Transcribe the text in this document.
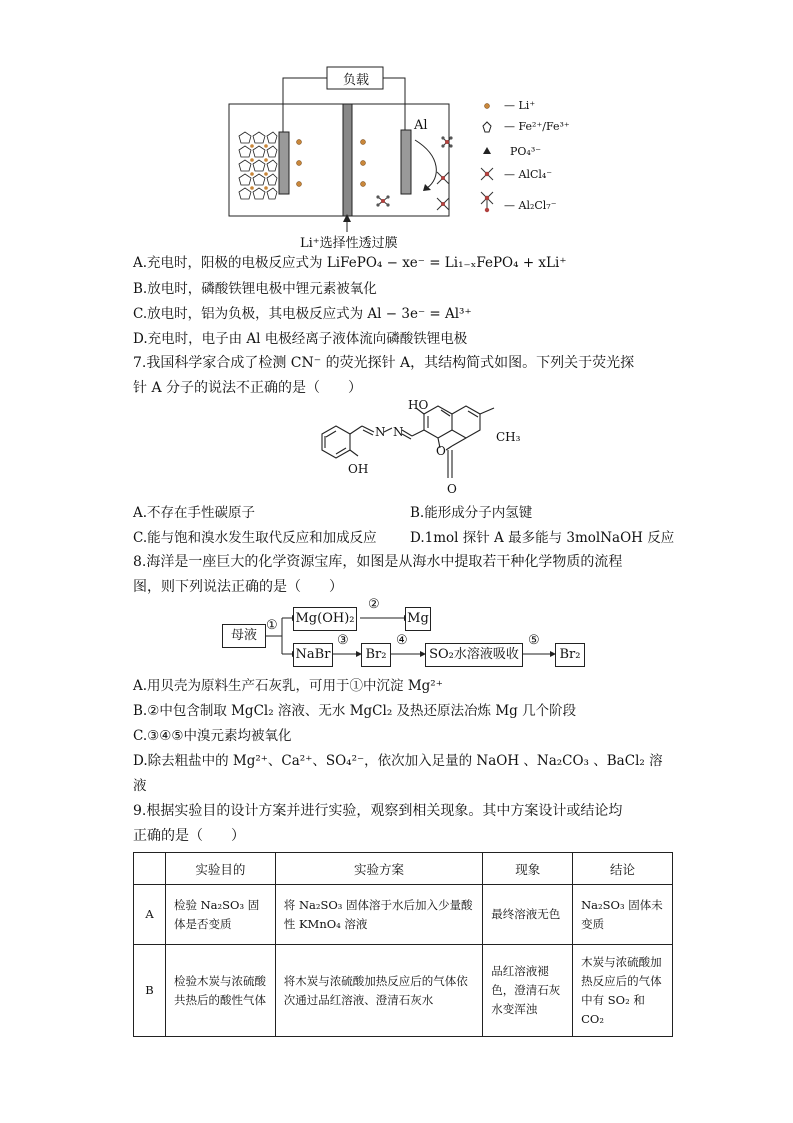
负载
Al
Li⁺选择性透过膜
— Li⁺
— Fe²⁺/Fe³⁺
PO₄³⁻
— AlCl₄⁻
— Al₂Cl₇⁻
A.充电时，阳极的电极反应式为 LiFePO₄ − xe⁻ = Li₁₋ₓFePO₄ + xLi⁺
B.放电时，磷酸铁锂电极中锂元素被氧化
C.放电时，铝为负极，其电极反应式为 Al − 3e⁻ = Al³⁺
D.充电时，电子由 Al 电极经离子液体流向磷酸铁锂电极
7.我国科学家合成了检测 CN⁻ 的荧光探针 A，其结构简式如图。下列关于荧光探
针 A 分子的说法不正确的是（　　）
HO
CH₃
N N
OH
O
O
A.不存在手性碳原子	B.能形成分子内氢键
C.能与饱和溴水发生取代反应和加成反应 D.1mol 探针 A 最多能与 3molNaOH 反应
8.海洋是一座巨大的化学资源宝库，如图是从海水中提取若干种化学物质的流程
图，则下列说法正确的是（　　）
母液
Mg(OH)₂	Mg
NaBr	Br₂	SO₂水溶液吸收	Br₂
①
②
③	④	⑤
A.用贝壳为原料生产石灰乳，可用于①中沉淀 Mg²⁺
B.②中包含制取 MgCl₂ 溶液、无水 MgCl₂ 及热还原法冶炼 Mg 几个阶段
C.③④⑤中溴元素均被氧化
D.除去粗盐中的 Mg²⁺、Ca²⁺、SO₄²⁻，依次加入足量的 NaOH 、Na₂CO₃ 、BaCl₂ 溶
液
9.根据实验目的设计方案并进行实验，观察到相关现象。其中方案设计或结论均
正确的是（　　）
	实验目的	实验方案	现象	结论
A	检验 Na₂SO₃ 固体是否变质	将 Na₂SO₃ 固体溶于水后加入少量酸性 KMnO₄ 溶液	最终溶液无色	Na₂SO₃ 固体未变质
B	检验木炭与浓硫酸共热后的酸性气体	将木炭与浓硫酸加热反应后的气体依次通过品红溶液、澄清石灰水	品红溶液褪色，澄清石灰水变浑浊	木炭与浓硫酸加热反应后的气体中有 SO₂ 和 CO₂
